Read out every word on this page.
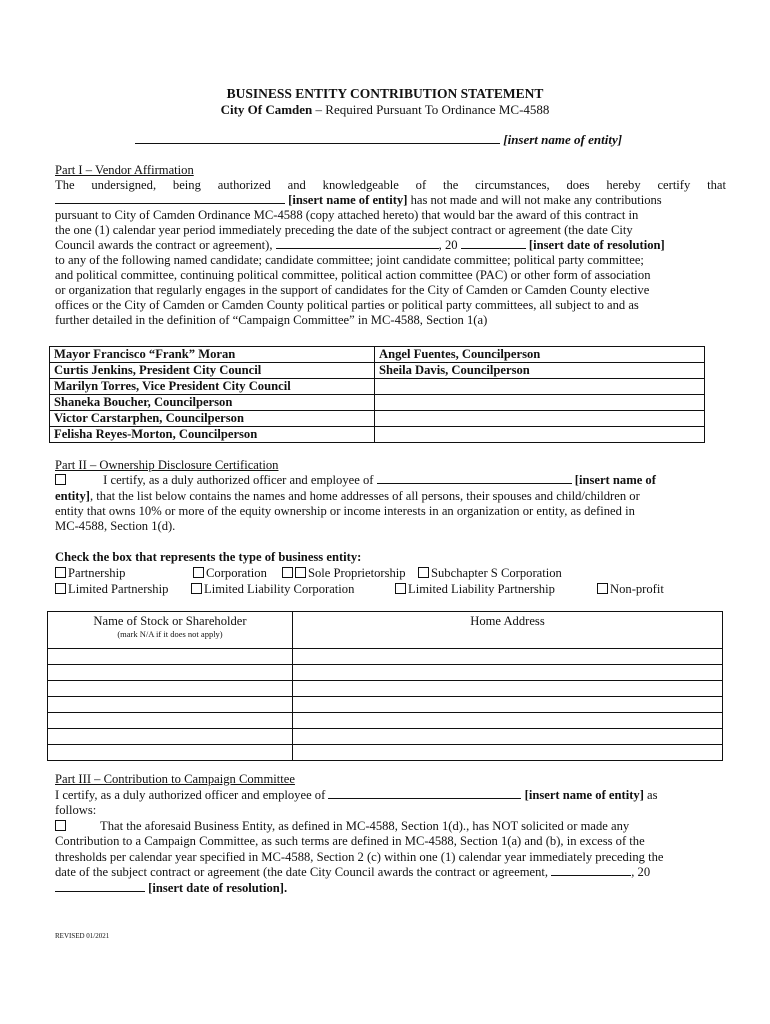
BUSINESS ENTITY CONTRIBUTION STATEMENT
City Of Camden – Required Pursuant To Ordinance MC-4588
[insert name of entity]
Part I – Vendor Affirmation
The undersigned, being authorized and knowledgeable of the circumstances, does hereby certify that
[insert name of entity] has not made and will not make any contributions
pursuant to City of Camden Ordinance MC-4588 (copy attached hereto) that would bar the award of this contract in
the one (1) calendar year period immediately preceding the date of the subject contract or agreement (the date City
Council awards the contract or agreement),	, 20	[insert date of resolution]
to any of the following named candidate; candidate committee; joint candidate committee; political party committee;
and political committee, continuing political committee, political action committee (PAC) or other form of association
or organization that regularly engages in the support of candidates for the City of Camden or Camden County elective
offices or the City of Camden or Camden County political parties or political party committees, all subject to and as
further detailed in the definition of “Campaign Committee” in MC-4588, Section 1(a)
Mayor Francisco “Frank” Moran	Angel Fuentes, Councilperson
Curtis Jenkins, President City Council	Sheila Davis, Councilperson
Marilyn Torres, Vice President City Council	
Shaneka Boucher, Councilperson	
Victor Carstarphen, Councilperson	
Felisha Reyes-Morton, Councilperson	
Part II – Ownership Disclosure Certification
I certify, as a duly authorized officer and employee of	[insert name of
entity], that the list below contains the names and home addresses of all persons, their spouses and child/children or
entity that owns 10% or more of the equity ownership or income interests in an organization or entity, as defined in
MC-4588, Section 1(d).
Check the box that represents the type of business entity:
Partnership	Corporation	Sole Proprietorship	Subchapter S Corporation
Limited Partnership	Limited Liability Corporation	Limited Liability Partnership	Non-profit
Name of Stock or Shareholder
(mark N/A if it does not apply)	Home Address

Part III – Contribution to Campaign Committee
I certify, as a duly authorized officer and employee of	[insert name of entity] as
follows:
That the aforesaid Business Entity, as defined in MC-4588, Section 1(d)., has NOT solicited or made any
Contribution to a Campaign Committee, as such terms are defined in MC-4588, Section 1(a) and (b), in excess of the
thresholds per calendar year specified in MC-4588, Section 2 (c) within one (1) calendar year immediately preceding the
date of the subject contract or agreement (the date City Council awards the contract or agreement,	, 20
[insert date of resolution].
REVISED 01/2021
